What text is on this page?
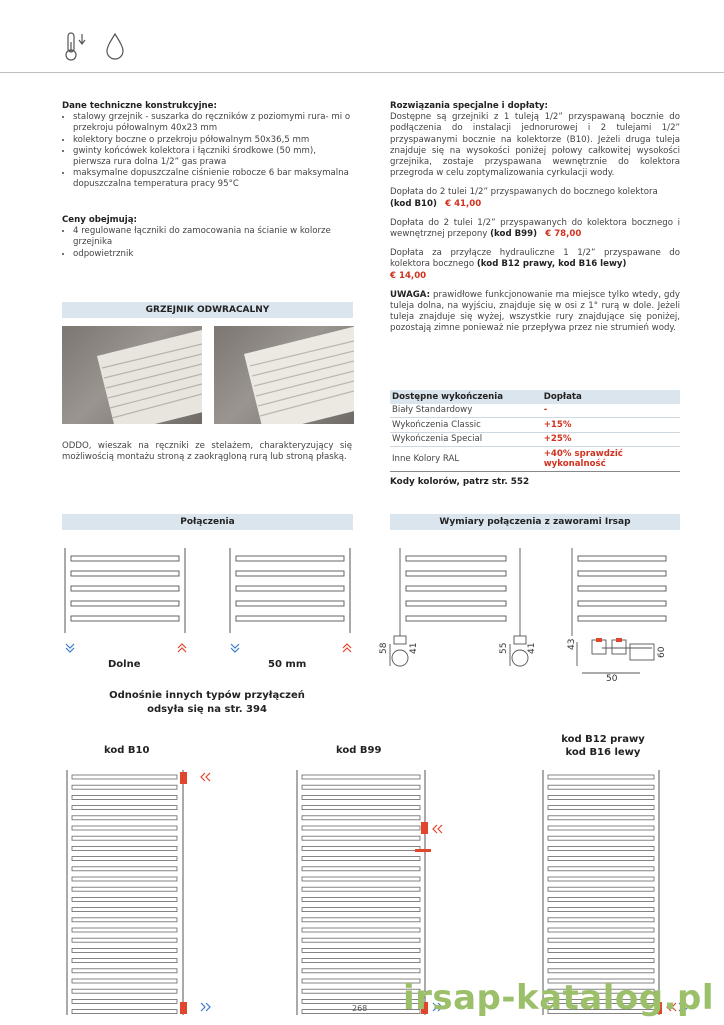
Dane techniczne konstrukcyjne:
• stalowy grzejnik - suszarka do ręczników z poziomymi rura- mi o przekroju półowalnym 40x23 mm
• kolektory boczne o przekroju półowalnym 50x36,5 mm
• gwinty końcówek kolektora i łączniki środkowe (50 mm), pierwsza rura dolna 1/2” gas prawa
• maksymalne dopuszczalne ciśnienie robocze 6 bar maksymalna dopuszczalna temperatura pracy 95°C
Ceny obejmują:
• 4 regulowane łączniki do zamocowania na ścianie w kolorze grzejnika
• odpowietrznik
GRZEJNIK ODWRACALNY
ODDO, wieszak na ręczniki ze stelażem, charakteryzujący się możliwością montażu stroną z zaokrągloną rurą lub stroną płaską.
Rozwiązania specjalne i dopłaty:
Dostępne są grzejniki z 1 tuleją 1/2” przyspawaną bocznie do podłączenia do instalacji jednorurowej i 2 tulejami 1/2” przyspawanymi bocznie na kolektorze (B10). Jeżeli druga tuleja znajduje się na wysokości poniżej połowy całkowitej wysokości grzejnika, zostaje przyspawana wewnętrznie do kolektora przegroda w celu zoptymalizowania cyrkulacji wody.
Dopłata do 2 tulei 1/2” przyspawanych do bocznego kolektora
(kod B10) € 41,00
Dopłata do 2 tulei 1/2” przyspawanych do kolektora bocznego i wewnętrznej przepony (kod B99) € 78,00
Dopłata za przyłącze hydrauliczne 1 1/2” przyspawane do kolektora bocznego (kod B12 prawy, kod B16 lewy)
€ 14,00
UWAGA: prawidłowe funkcjonowanie ma miejsce tylko wtedy, gdy tuleja dolna, na wyjściu, znajduje się w osi z 1° rurą w dole. Jeżeli tuleja znajduje się wyżej, wszystkie rury znajdujące się poniżej, pozostają zimne ponieważ nie przepływa przez nie strumień wody.
Dostępne wykończenia	Dopłata
Biały Standardowy	-
Wykończenia Classic	+15%
Wykończenia Special	+25%
Inne Kolory RAL	+40% sprawdzić wykonalność
Kody kolorów, patrz str. 552
Połączenia	Wymiary połączenia z zaworami Irsap
Dolne	50 mm
Odnośnie innych typów przyłączeń
odsyła się na str. 394
58 41	55 41	43
60
50
kod B10	kod B99
kod B12 prawy
kod B16 lewy
268 irsap-katalog.pl
